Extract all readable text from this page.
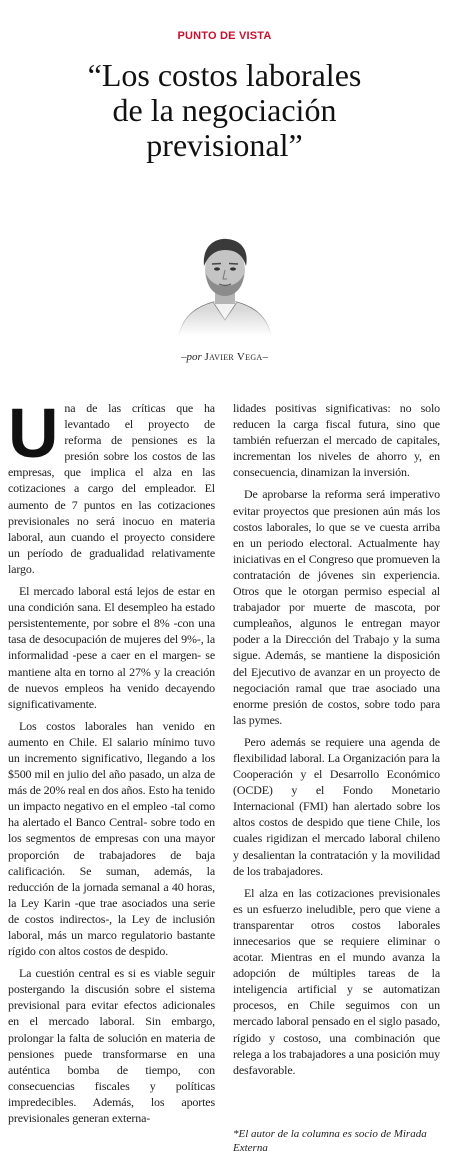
PUNTO DE VISTA
“Los costos laborales
de la negociación
previsional”
–por Javier Vega–

Una de las críticas que ha levantado el proyecto de reforma de pensiones es la presión sobre los costos de las empresas, que implica el alza en las cotizaciones a cargo del empleador. El aumento de 7 puntos en las cotizaciones previsionales no será inocuo en materia laboral, aun cuando el proyecto considere un período de gradualidad relativamente largo.

El mercado laboral está lejos de estar en una condición sana. El desempleo ha estado persistentemente, por sobre el 8% -con una tasa de desocupación de mujeres del 9%-, la informalidad -pese a caer en el margen- se mantiene alta en torno al 27% y la creación de nuevos empleos ha venido decayendo significativamente.

Los costos laborales han venido en aumento en Chile. El salario mínimo tuvo un incremento significativo, llegando a los $500 mil en julio del año pasado, un alza de más de 20% real en dos años. Esto ha tenido un impacto negativo en el empleo -tal como ha alertado el Banco Central- sobre todo en los segmentos de empresas con una mayor proporción de trabajadores de baja calificación. Se suman, además, la reducción de la jornada semanal a 40 horas, la Ley Karin -que trae asociados una serie de costos indirectos-, la Ley de inclusión laboral, más un marco regulatorio bastante rígido con altos costos de despido.

La cuestión central es si es viable seguir postergando la discusión sobre el sistema previsional para evitar efectos adicionales en el mercado laboral. Sin embargo, prolongar la falta de solución en materia de pensiones puede transformarse en una auténtica bomba de tiempo, con consecuencias fiscales y políticas impredecibles. Además, los aportes previsionales generan externa-

lidades positivas significativas: no solo reducen la carga fiscal futura, sino que también refuerzan el mercado de capitales, incrementan los niveles de ahorro y, en consecuencia, dinamizan la inversión.

De aprobarse la reforma será imperativo evitar proyectos que presionen aún más los costos laborales, lo que se ve cuesta arriba en un periodo electoral. Actualmente hay iniciativas en el Congreso que promueven la contratación de jóvenes sin experiencia. Otros que le otorgan permiso especial al trabajador por muerte de mascota, por cumpleaños, algunos le entregan mayor poder a la Dirección del Trabajo y la suma sigue. Además, se mantiene la disposición del Ejecutivo de avanzar en un proyecto de negociación ramal que trae asociado una enorme presión de costos, sobre todo para las pymes.

Pero además se requiere una agenda de flexibilidad laboral. La Organización para la Cooperación y el Desarrollo Económico (OCDE) y el Fondo Monetario Internacional (FMI) han alertado sobre los altos costos de despido que tiene Chile, los cuales rigidizan el mercado laboral chileno y desalientan la contratación y la movilidad de los trabajadores.

El alza en las cotizaciones previsionales es un esfuerzo ineludible, pero que viene a transparentar otros costos laborales innecesarios que se requiere eliminar o acotar. Mientras en el mundo avanza la adopción de múltiples tareas de la inteligencia artificial y se automatizan procesos, en Chile seguimos con un mercado laboral pensado en el siglo pasado, rígido y costoso, una combinación que relega a los trabajadores a una posición muy desfavorable.

*El autor de la columna es socio de Mirada Externa
